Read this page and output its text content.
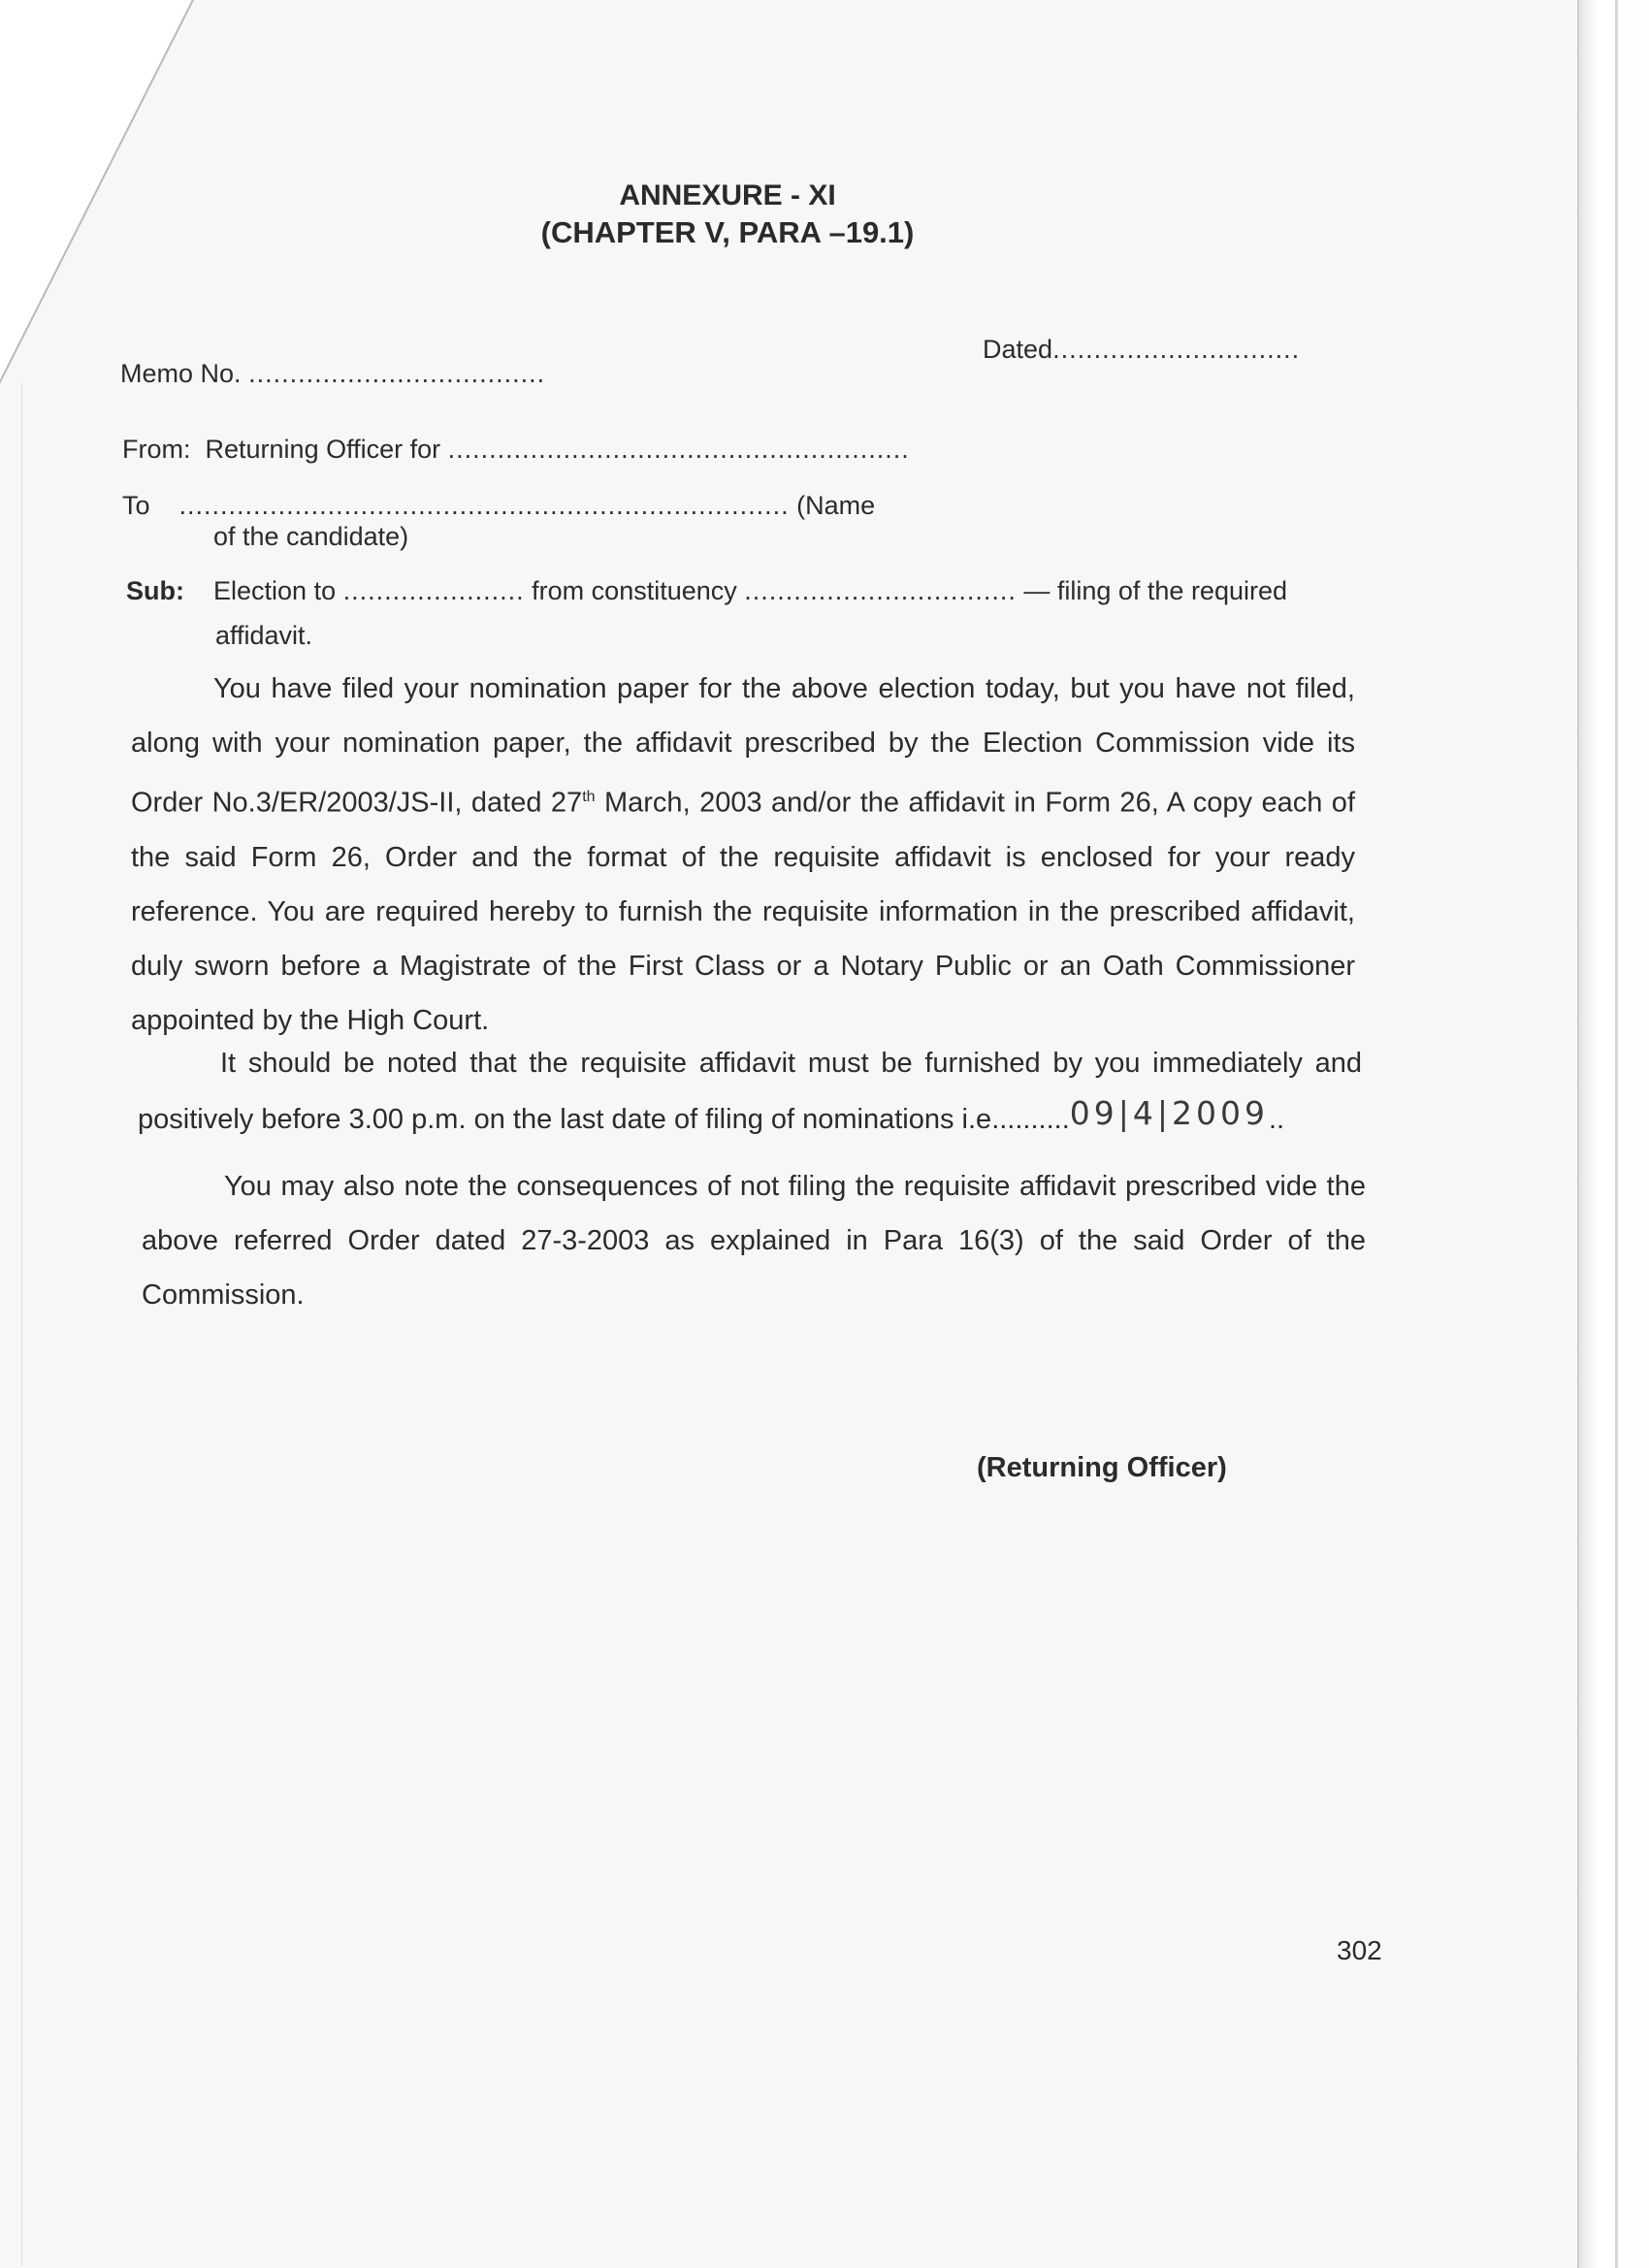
ANNEXURE - XI
(CHAPTER V, PARA –19.1)
Memo No. ....................................
Dated..............................
From: Returning Officer for ........................................................
To .......................................................................... (Name
of the candidate)
Sub: Election to ...................... from constituency ................................. — filing of the required
affidavit.

You have filed your nomination paper for the above election today, but you have not filed, along with your nomination paper, the affidavit prescribed by the Election Commission vide its Order No.3/ER/2003/JS-II, dated 27th March, 2003 and/or the affidavit in Form 26, A copy each of the said Form 26, Order and the format of the requisite affidavit is enclosed for your ready reference. You are required hereby to furnish the requisite information in the prescribed affidavit, duly sworn before a Magistrate of the First Class or a Notary Public or an Oath Commissioner appointed by the High Court.

It should be noted that the requisite affidavit must be furnished by you immediately and positively before 3.00 p.m. on the last date of filing of nominations i.e..........09|4|2009..

You may also note the consequences of not filing the requisite affidavit prescribed vide the above referred Order dated 27-3-2003 as explained in Para 16(3) of the said Order of the Commission.

(Returning Officer)
302
